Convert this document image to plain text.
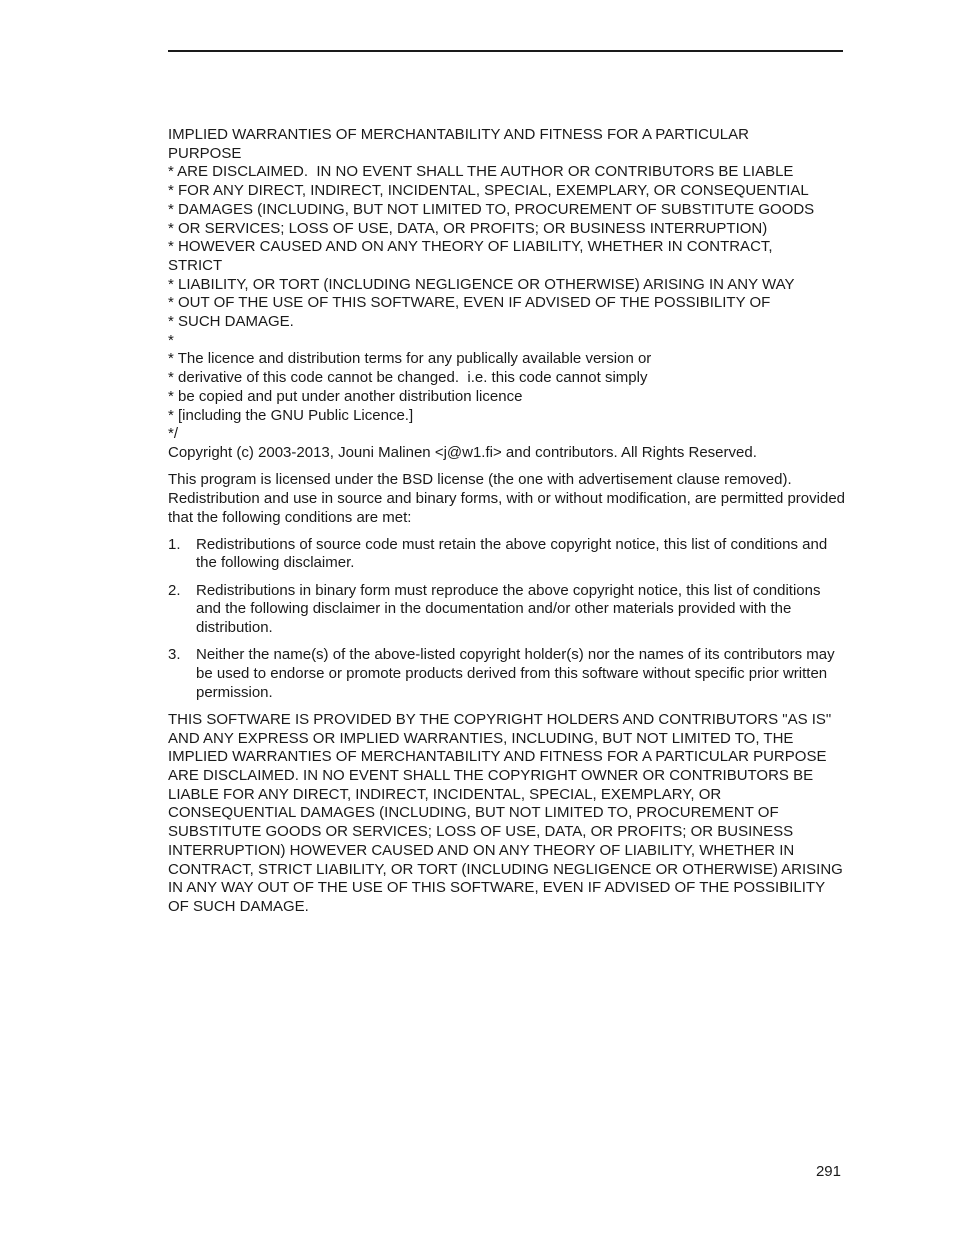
IMPLIED WARRANTIES OF MERCHANTABILITY AND FITNESS FOR A PARTICULAR
PURPOSE
* ARE DISCLAIMED.  IN NO EVENT SHALL THE AUTHOR OR CONTRIBUTORS BE LIABLE
* FOR ANY DIRECT, INDIRECT, INCIDENTAL, SPECIAL, EXEMPLARY, OR CONSEQUENTIAL
* DAMAGES (INCLUDING, BUT NOT LIMITED TO, PROCUREMENT OF SUBSTITUTE GOODS
* OR SERVICES; LOSS OF USE, DATA, OR PROFITS; OR BUSINESS INTERRUPTION)
* HOWEVER CAUSED AND ON ANY THEORY OF LIABILITY, WHETHER IN CONTRACT,
STRICT
* LIABILITY, OR TORT (INCLUDING NEGLIGENCE OR OTHERWISE) ARISING IN ANY WAY
* OUT OF THE USE OF THIS SOFTWARE, EVEN IF ADVISED OF THE POSSIBILITY OF
* SUCH DAMAGE.
*
* The licence and distribution terms for any publically available version or
* derivative of this code cannot be changed.  i.e. this code cannot simply
* be copied and put under another distribution licence
* [including the GNU Public Licence.]
*/

Copyright (c) 2003-2013, Jouni Malinen <j@w1.fi> and contributors. All Rights Reserved.

This program is licensed under the BSD license (the one with advertisement clause removed). Redistribution and use in source and binary forms, with or without modification, are permitted provided that the following conditions are met:

1. Redistributions of source code must retain the above copyright notice, this list of conditions and the following disclaimer.
2. Redistributions in binary form must reproduce the above copyright notice, this list of conditions and the following disclaimer in the documentation and/or other materials provided with the distribution.
3. Neither the name(s) of the above-listed copyright holder(s) nor the names of its contributors may be used to endorse or promote products derived from this software without specific prior written permission.

THIS SOFTWARE IS PROVIDED BY THE COPYRIGHT HOLDERS AND CONTRIBUTORS "AS IS" AND ANY EXPRESS OR IMPLIED WARRANTIES, INCLUDING, BUT NOT LIMITED TO, THE IMPLIED WARRANTIES OF MERCHANTABILITY AND FITNESS FOR A PARTICULAR PURPOSE ARE DISCLAIMED. IN NO EVENT SHALL THE COPYRIGHT OWNER OR CONTRIBUTORS BE LIABLE FOR ANY DIRECT, INDIRECT, INCIDENTAL, SPECIAL, EXEMPLARY, OR CONSEQUENTIAL DAMAGES (INCLUDING, BUT NOT LIMITED TO, PROCUREMENT OF SUBSTITUTE GOODS OR SERVICES; LOSS OF USE, DATA, OR PROFITS; OR BUSINESS INTERRUPTION) HOWEVER CAUSED AND ON ANY THEORY OF LIABILITY, WHETHER IN CONTRACT, STRICT LIABILITY, OR TORT (INCLUDING NEGLIGENCE OR OTHERWISE) ARISING IN ANY WAY OUT OF THE USE OF THIS SOFTWARE, EVEN IF ADVISED OF THE POSSIBILITY OF SUCH DAMAGE.

291
